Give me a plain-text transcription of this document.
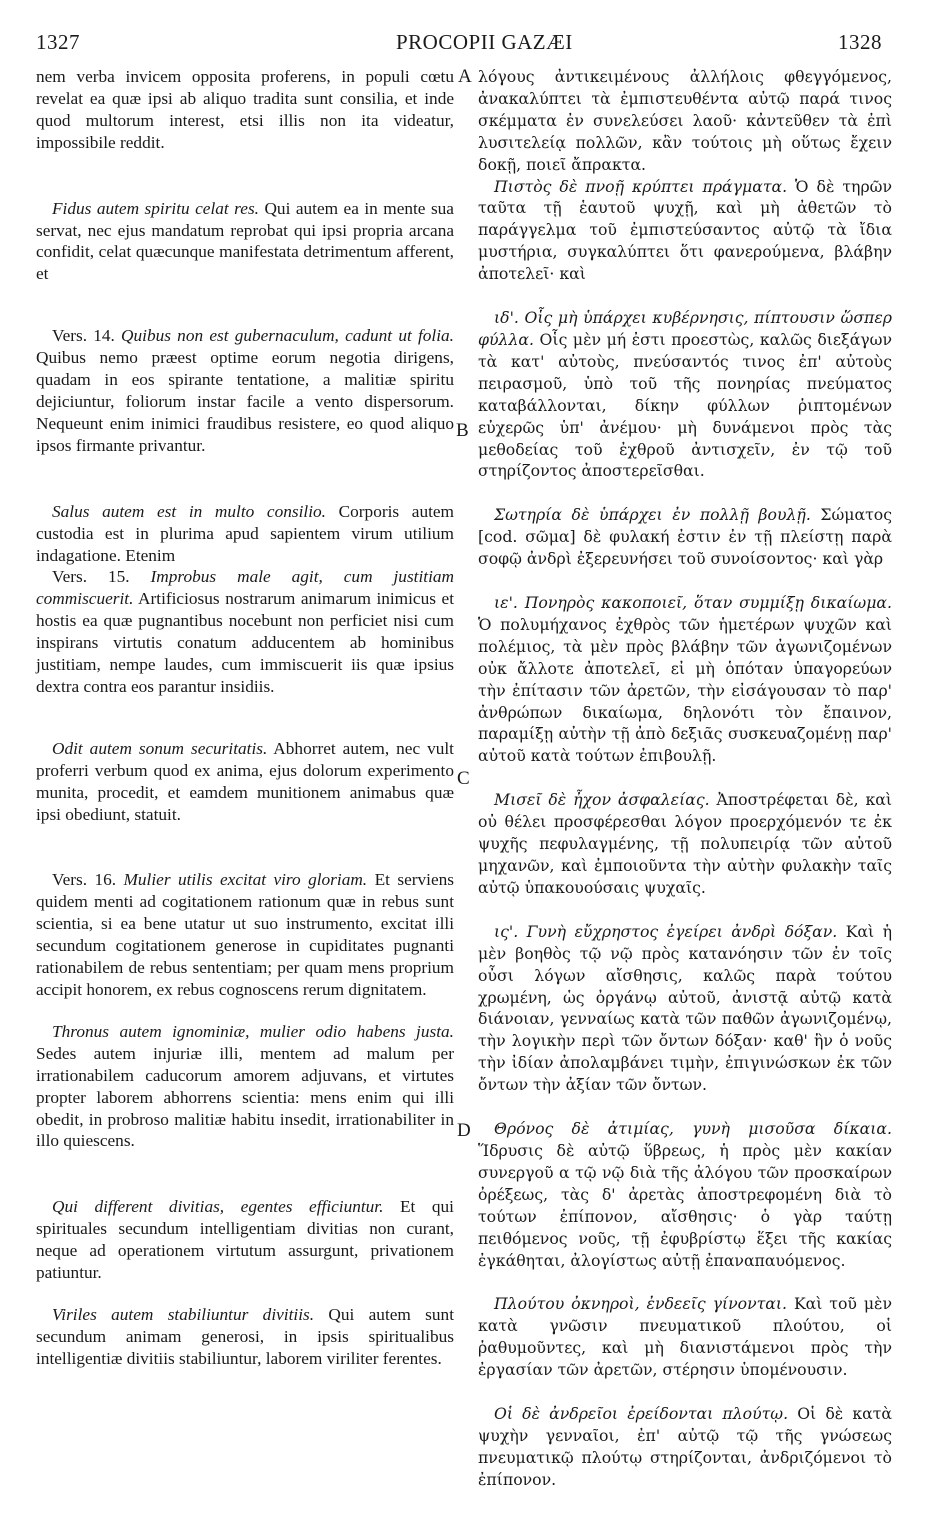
1327	PROCOPII GAZÆI	1328
A
B
C
D

nem verba invicem opposita proferens, in populi cœtu revelat ea quæ ipsi ab aliquo tradita sunt consilia, et inde quod multorum interest, etsi illis non ita videatur, impossibile reddit.

Fidus autem spiritu celat res. Qui autem ea in mente sua servat, nec ejus mandatum reprobat qui ipsi propria arcana confidit, celat quæcunque manifestata detrimentum afferent, et

Vers. 14. Quibus non est gubernaculum, cadunt ut folia. Quibus nemo præest optime eorum negotia dirigens, quadam in eos spirante tentatione, a malitiæ spiritu dejiciuntur, foliorum instar facile a vento dispersorum. Nequeunt enim inimici fraudibus resistere, eo quod aliquo ipsos firmante privantur.

Salus autem est in multo consilio. Corporis autem custodia est in plurima apud sapientem virum utilium indagatione. Etenim

Vers. 15. Improbus male agit, cum justitiam commiscuerit. Artificiosus nostrarum animarum inimicus et hostis ea quæ pugnantibus nocebunt non perficiet nisi cum inspirans virtutis conatum adducentem ab hominibus justitiam, nempe laudes, cum immiscuerit iis quæ ipsius dextra contra eos parantur insidiis.

Odit autem sonum securitatis. Abhorret autem, nec vult proferri verbum quod ex anima, ejus dolorum experimento munita, procedit, et eamdem munitionem animabus quæ ipsi obediunt, statuit.

Vers. 16. Mulier utilis excitat viro gloriam. Et serviens quidem menti ad cogitationem rationum quæ in rebus sunt scientia, si ea bene utatur ut suo instrumento, excitat illi secundum cogitationem generose in cupiditates pugnanti rationabilem de rebus sententiam; per quam mens proprium accipit honorem, ex rebus cognoscens rerum dignitatem.

Thronus autem ignominiæ, mulier odio habens justa. Sedes autem injuriæ illi, mentem ad malum per irrationabilem caducorum amorem adjuvans, et virtutes propter laborem abhorrens scientia: mens enim qui illi obedit, in probroso malitiæ habitu insedit, irrationabiliter in illo quiescens.

Qui different divitias, egentes efficiuntur. Et qui spirituales secundum intelligentiam divitias non curant, neque ad operationem virtutum assurgunt, privationem patiuntur.

Viriles autem stabiliuntur divitiis. Qui autem sunt secundum animam generosi, in ipsis spiritualibus intelligentiæ divitiis stabiliuntur, laborem viriliter ferentes.

λόγους ἀντικειμένους ἀλλήλοις φθεγγόμενος, ἀνακαλύπτει τὰ ἐμπιστευθέντα αὐτῷ παρά τινος σκέμματα ἐν συνελεύσει λαοῦ· κἀντεῦθεν τὰ ἐπὶ λυσιτελείᾳ πολλῶν, κἂν τούτοις μὴ οὕτως ἔχειν δοκῇ, ποιεῖ ἄπρακτα.

Πιστὸς δὲ πνοῇ κρύπτει πράγματα. Ὁ δὲ τηρῶν ταῦτα τῇ ἑαυτοῦ ψυχῇ, καὶ μὴ ἀθετῶν τὸ παράγγελμα τοῦ ἐμπιστεύσαντος αὐτῷ τὰ ἴδια μυστήρια, συγκαλύπτει ὅτι φανερούμενα, βλάβην ἀποτελεῖ· καὶ

ιδ'. Οἷς μὴ ὑπάρχει κυβέρνησις, πίπτουσιν ὥσπερ φύλλα. Οἷς μὲν μή ἐστι προεστὼς, καλῶς διεξάγων τὰ κατ' αὐτοὺς, πνεύσαντός τινος ἐπ' αὐτοὺς πειρασμοῦ, ὑπὸ τοῦ τῆς πονηρίας πνεύματος καταβάλλονται, δίκην φύλλων ῥιπτομένων εὐχερῶς ὑπ' ἀνέμου· μὴ δυνάμενοι πρὸς τὰς μεθοδείας τοῦ ἐχθροῦ ἀντισχεῖν, ἐν τῷ τοῦ στηρίζοντος ἀποστερεῖσθαι.

Σωτηρία δὲ ὑπάρχει ἐν πολλῇ βουλῇ. Σώματος [cod. σῶμα] δὲ φυλακή ἐστιν ἐν τῇ πλείστῃ παρὰ σοφῷ ἀνδρὶ ἐξερευνήσει τοῦ συνοίσοντος· καὶ γὰρ

ιε'. Πονηρὸς κακοποιεῖ, ὅταν συμμίξῃ δικαίωμα. Ὁ πολυμήχανος ἐχθρὸς τῶν ἡμετέρων ψυχῶν καὶ πολέμιος, τὰ μὲν πρὸς βλάβην τῶν ἀγωνιζομένων οὐκ ἄλλοτε ἀποτελεῖ, εἰ μὴ ὁπόταν ὑπαγορεύων τὴν ἐπίτασιν τῶν ἀρετῶν, τὴν εἰσάγουσαν τὸ παρ' ἀνθρώπων δικαίωμα, δηλονότι τὸν ἔπαινον, παραμίξῃ αὐτὴν τῇ ἀπὸ δεξιᾶς συσκευαζομένῃ παρ' αὐτοῦ κατὰ τούτων ἐπιβουλῇ.

Μισεῖ δὲ ἦχον ἀσφαλείας. Ἀποστρέφεται δὲ, καὶ οὐ θέλει προσφέρεσθαι λόγον προερχόμενόν τε ἐκ ψυχῆς πεφυλαγμένης, τῇ πολυπειρίᾳ τῶν αὐτοῦ μηχανῶν, καὶ ἐμποιοῦντα τὴν αὐτὴν φυλακὴν ταῖς αὐτῷ ὑπακουούσαις ψυχαῖς.

ις'. Γυνὴ εὔχρηστος ἐγείρει ἀνδρὶ δόξαν. Καὶ ἡ μὲν βοηθὸς τῷ νῷ πρὸς κατανόησιν τῶν ἐν τοῖς οὖσι λόγων αἴσθησις, καλῶς παρὰ τούτου χρωμένη, ὡς ὀργάνῳ αὐτοῦ, ἀνιστᾷ αὐτῷ κατὰ διάνοιαν, γενναίως κατὰ τῶν παθῶν ἀγωνιζομένῳ, τὴν λογικὴν περὶ τῶν ὄντων δόξαν· καθ' ἣν ὁ νοῦς τὴν ἰδίαν ἀπολαμβάνει τιμὴν, ἐπιγινώσκων ἐκ τῶν ὄντων τὴν ἀξίαν τῶν ὄντων.

Θρόνος δὲ ἀτιμίας, γυνὴ μισοῦσα δίκαια. Ἵδρυσις δὲ αὐτῷ ὕβρεως, ἡ πρὸς μὲν κακίαν συνεργοῦ α τῷ νῷ διὰ τῆς ἀλόγου τῶν προσκαίρων ὀρέξεως, τὰς δ' ἀρετὰς ἀποστρεφομένη διὰ τὸ τούτων ἐπίπονον, αἴσθησις· ὁ γὰρ ταύτῃ πειθόμενος νοῦς, τῇ ἐφυβρίστῳ ἕξει τῆς κακίας ἐγκάθηται, ἀλογίστως αὐτῇ ἐπαναπαυόμενος.

Πλούτου ὀκνηροὶ, ἐνδεεῖς γίνονται. Καὶ τοῦ μὲν κατὰ γνῶσιν πνευματικοῦ πλούτου, οἱ ῥαθυμοῦντες, καὶ μὴ διανιστάμενοι πρὸς τὴν ἐργασίαν τῶν ἀρετῶν, στέρησιν ὑπομένουσιν.

Οἱ δὲ ἀνδρεῖοι ἐρείδονται πλούτῳ. Οἱ δὲ κατὰ ψυχὴν γενναῖοι, ἐπ' αὐτῷ τῷ τῆς γνώσεως πνευματικῷ πλούτῳ στηρίζονται, ἀνδριζόμενοι τὸ ἐπίπονον.
